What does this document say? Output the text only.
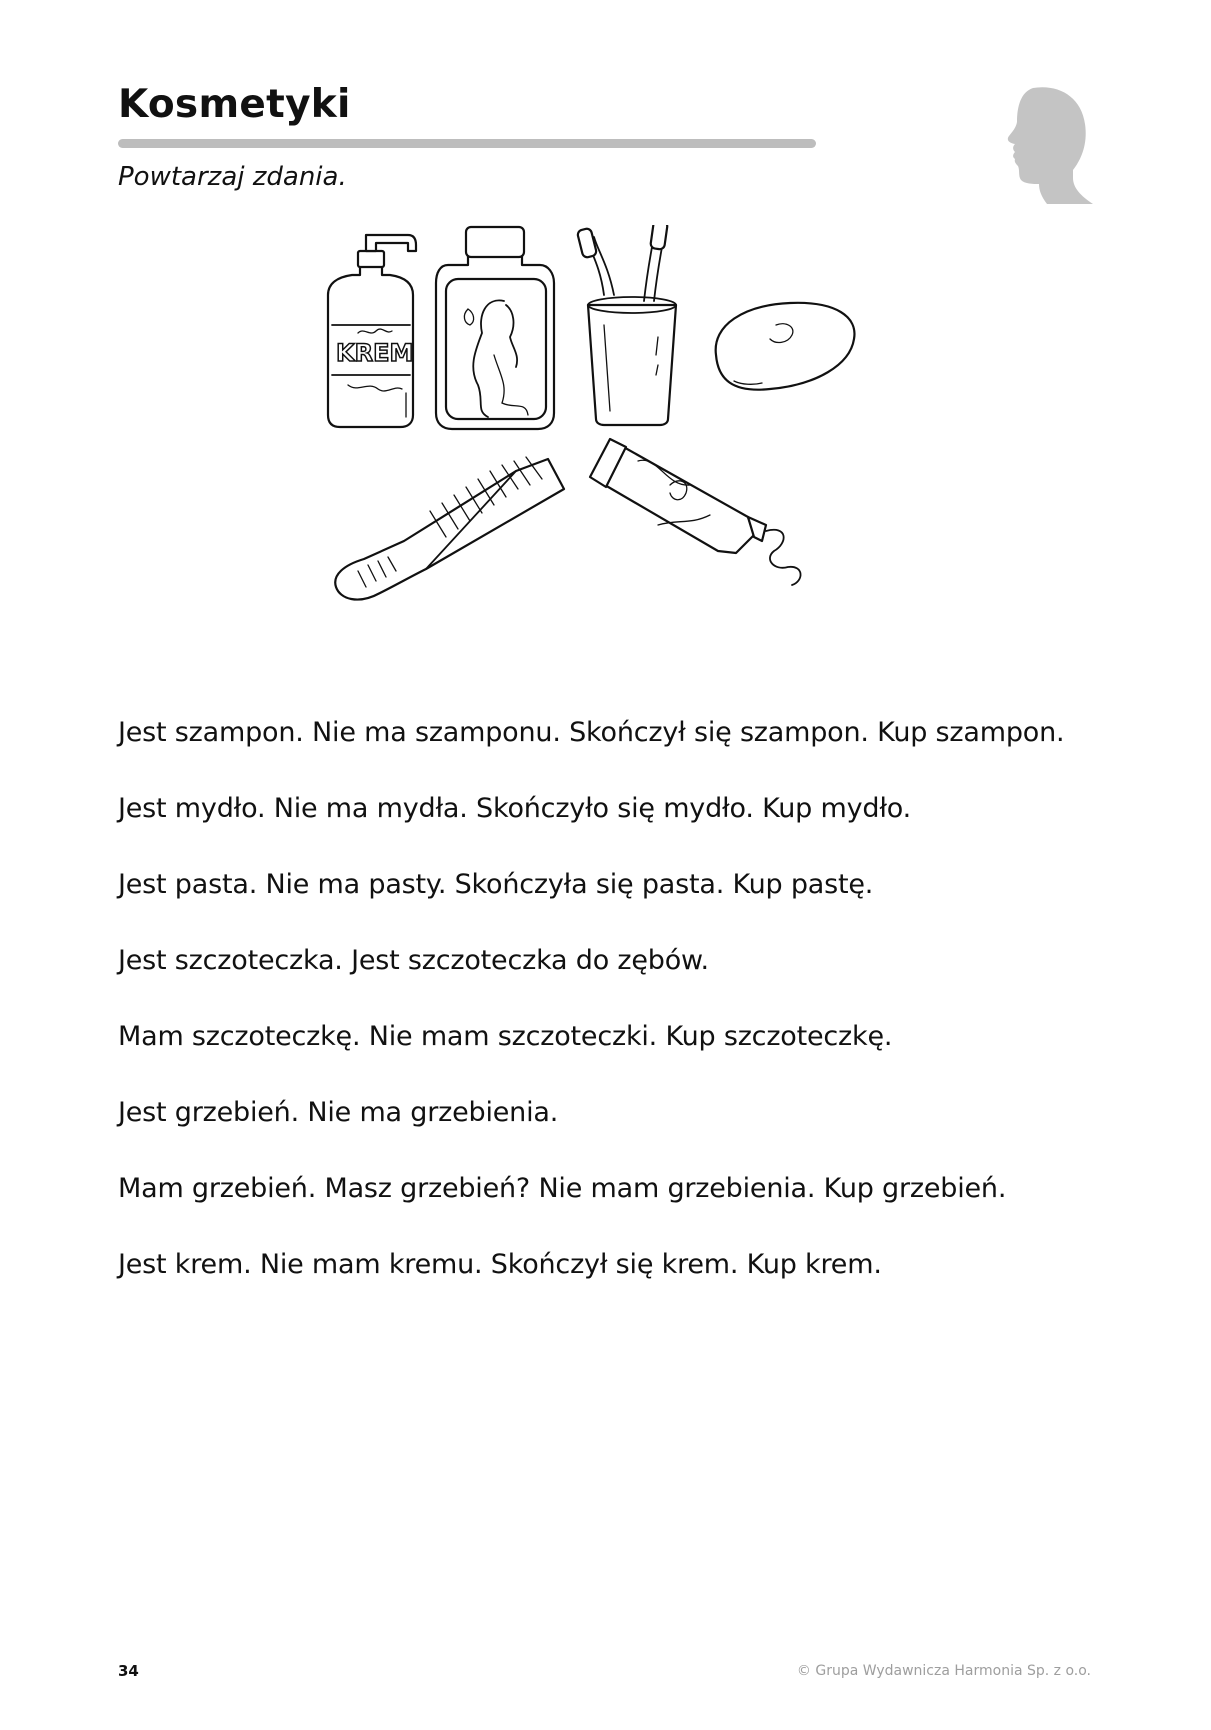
Kosmetyki

Powtarzaj zdania.

KREM
Jest szampon. Nie ma szamponu. Skończył się szampon. Kup szampon.
Jest mydło. Nie ma mydła. Skończyło się mydło. Kup mydło.
Jest pasta. Nie ma pasty. Skończyła się pasta. Kup pastę.
Jest szczoteczka. Jest szczoteczka do zębów.
Mam szczoteczkę. Nie mam szczoteczki. Kup szczoteczkę.
Jest grzebień. Nie ma grzebienia.
Mam grzebień. Masz grzebień? Nie mam grzebienia. Kup grzebień.
Jest krem. Nie mam kremu. Skończył się krem. Kup krem.
34	© Grupa Wydawnicza Harmonia Sp. z o.o.
